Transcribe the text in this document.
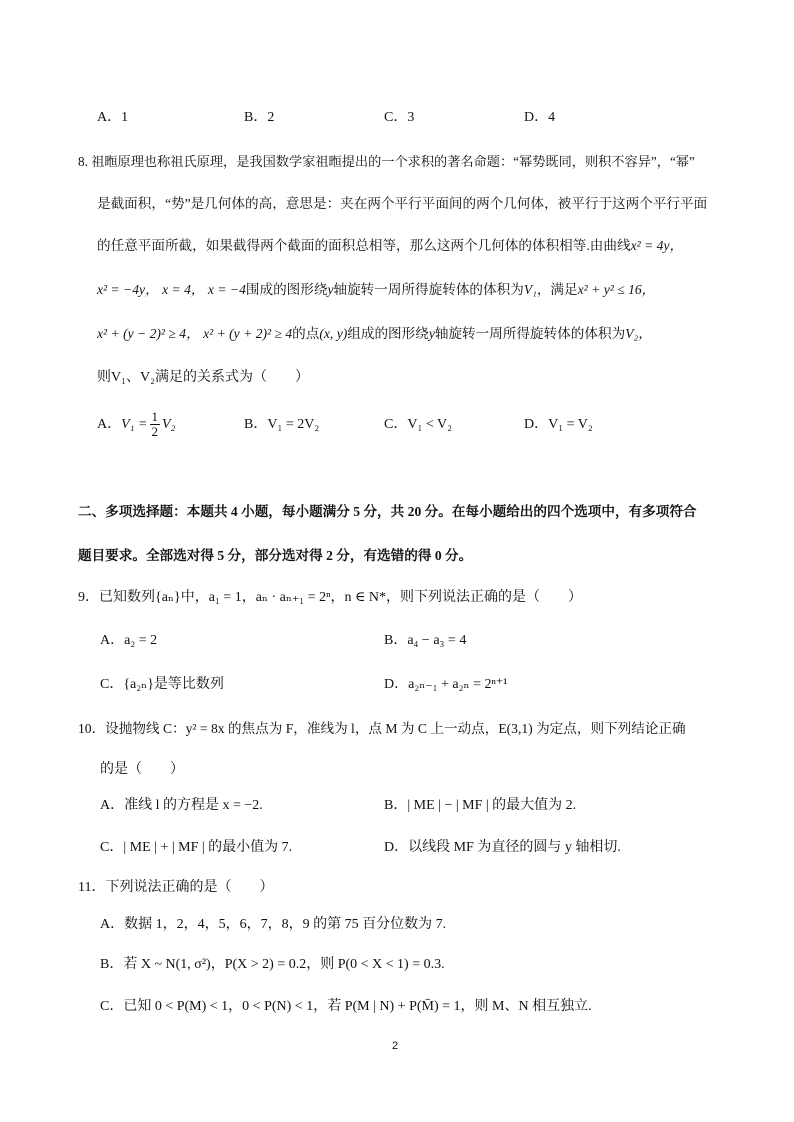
A．1	B．2	C．3	D．4
8. 祖暅原理也称祖氏原理，是我国数学家祖暅提出的一个求积的著名命题：“幂势既同，则积不容异”，“幂”
是截面积，“势”是几何体的高，意思是：夹在两个平行平面间的两个几何体，被平行于这两个平行平面
的任意平面所截，如果截得两个截面的面积总相等，那么这两个几何体的体积相等.由曲线x² = 4y，
x² = −4y， x = 4， x = −4围成的图形绕y轴旋转一周所得旋转体的体积为V₁，满足x² + y² ≤ 16，
x² + (y − 2)² ≥ 4， x² + (y + 2)² ≥ 4的点(x, y)组成的图形绕y轴旋转一周所得旋转体的体积为V₂，
则V₁、V₂满足的关系式为（　　）
A．$V_1 = \frac{1}{2} V_2$	B．V₁ = 2V₂	C．V₁ < V₂	D．V₁ = V₂
二、多项选择题：本题共 4 小题，每小题满分 5 分，共 20 分。在每小题给出的四个选项中，有多项符合
题目要求。全部选对得 5 分，部分选对得 2 分，有选错的得 0 分。
9．已知数列{aₙ}中，a₁ = 1，aₙ · aₙ₊₁ = 2ⁿ，n ∈ N*，则下列说法正确的是（　　）
A．a₂ = 2	B．a₄ − a₃ = 4
C．{a₂ₙ}是等比数列	D．a₂ₙ₋₁ + a₂ₙ = 2ⁿ⁺¹
10．设抛物线 C：y² = 8x 的焦点为 F，准线为 l，点 M 为 C 上一动点，E(3,1) 为定点，则下列结论正确
的是（　　）
A．准线 l 的方程是 x = −2.	B．| ME | − | MF | 的最大值为 2.
C．| ME | + | MF | 的最小值为 7.	D．以线段 MF 为直径的圆与 y 轴相切.
11．下列说法正确的是（　　）
A．数据 1，2，4，5，6，7，8，9 的第 75 百分位数为 7.
B．若 X ~ N(1, σ²)，P(X > 2) = 0.2，则 P(0 < X < 1) = 0.3.
C．已知 0 < P(M) < 1，0 < P(N) < 1，若 P(M | N) + P(M̄) = 1，则 M、N 相互独立.
2
